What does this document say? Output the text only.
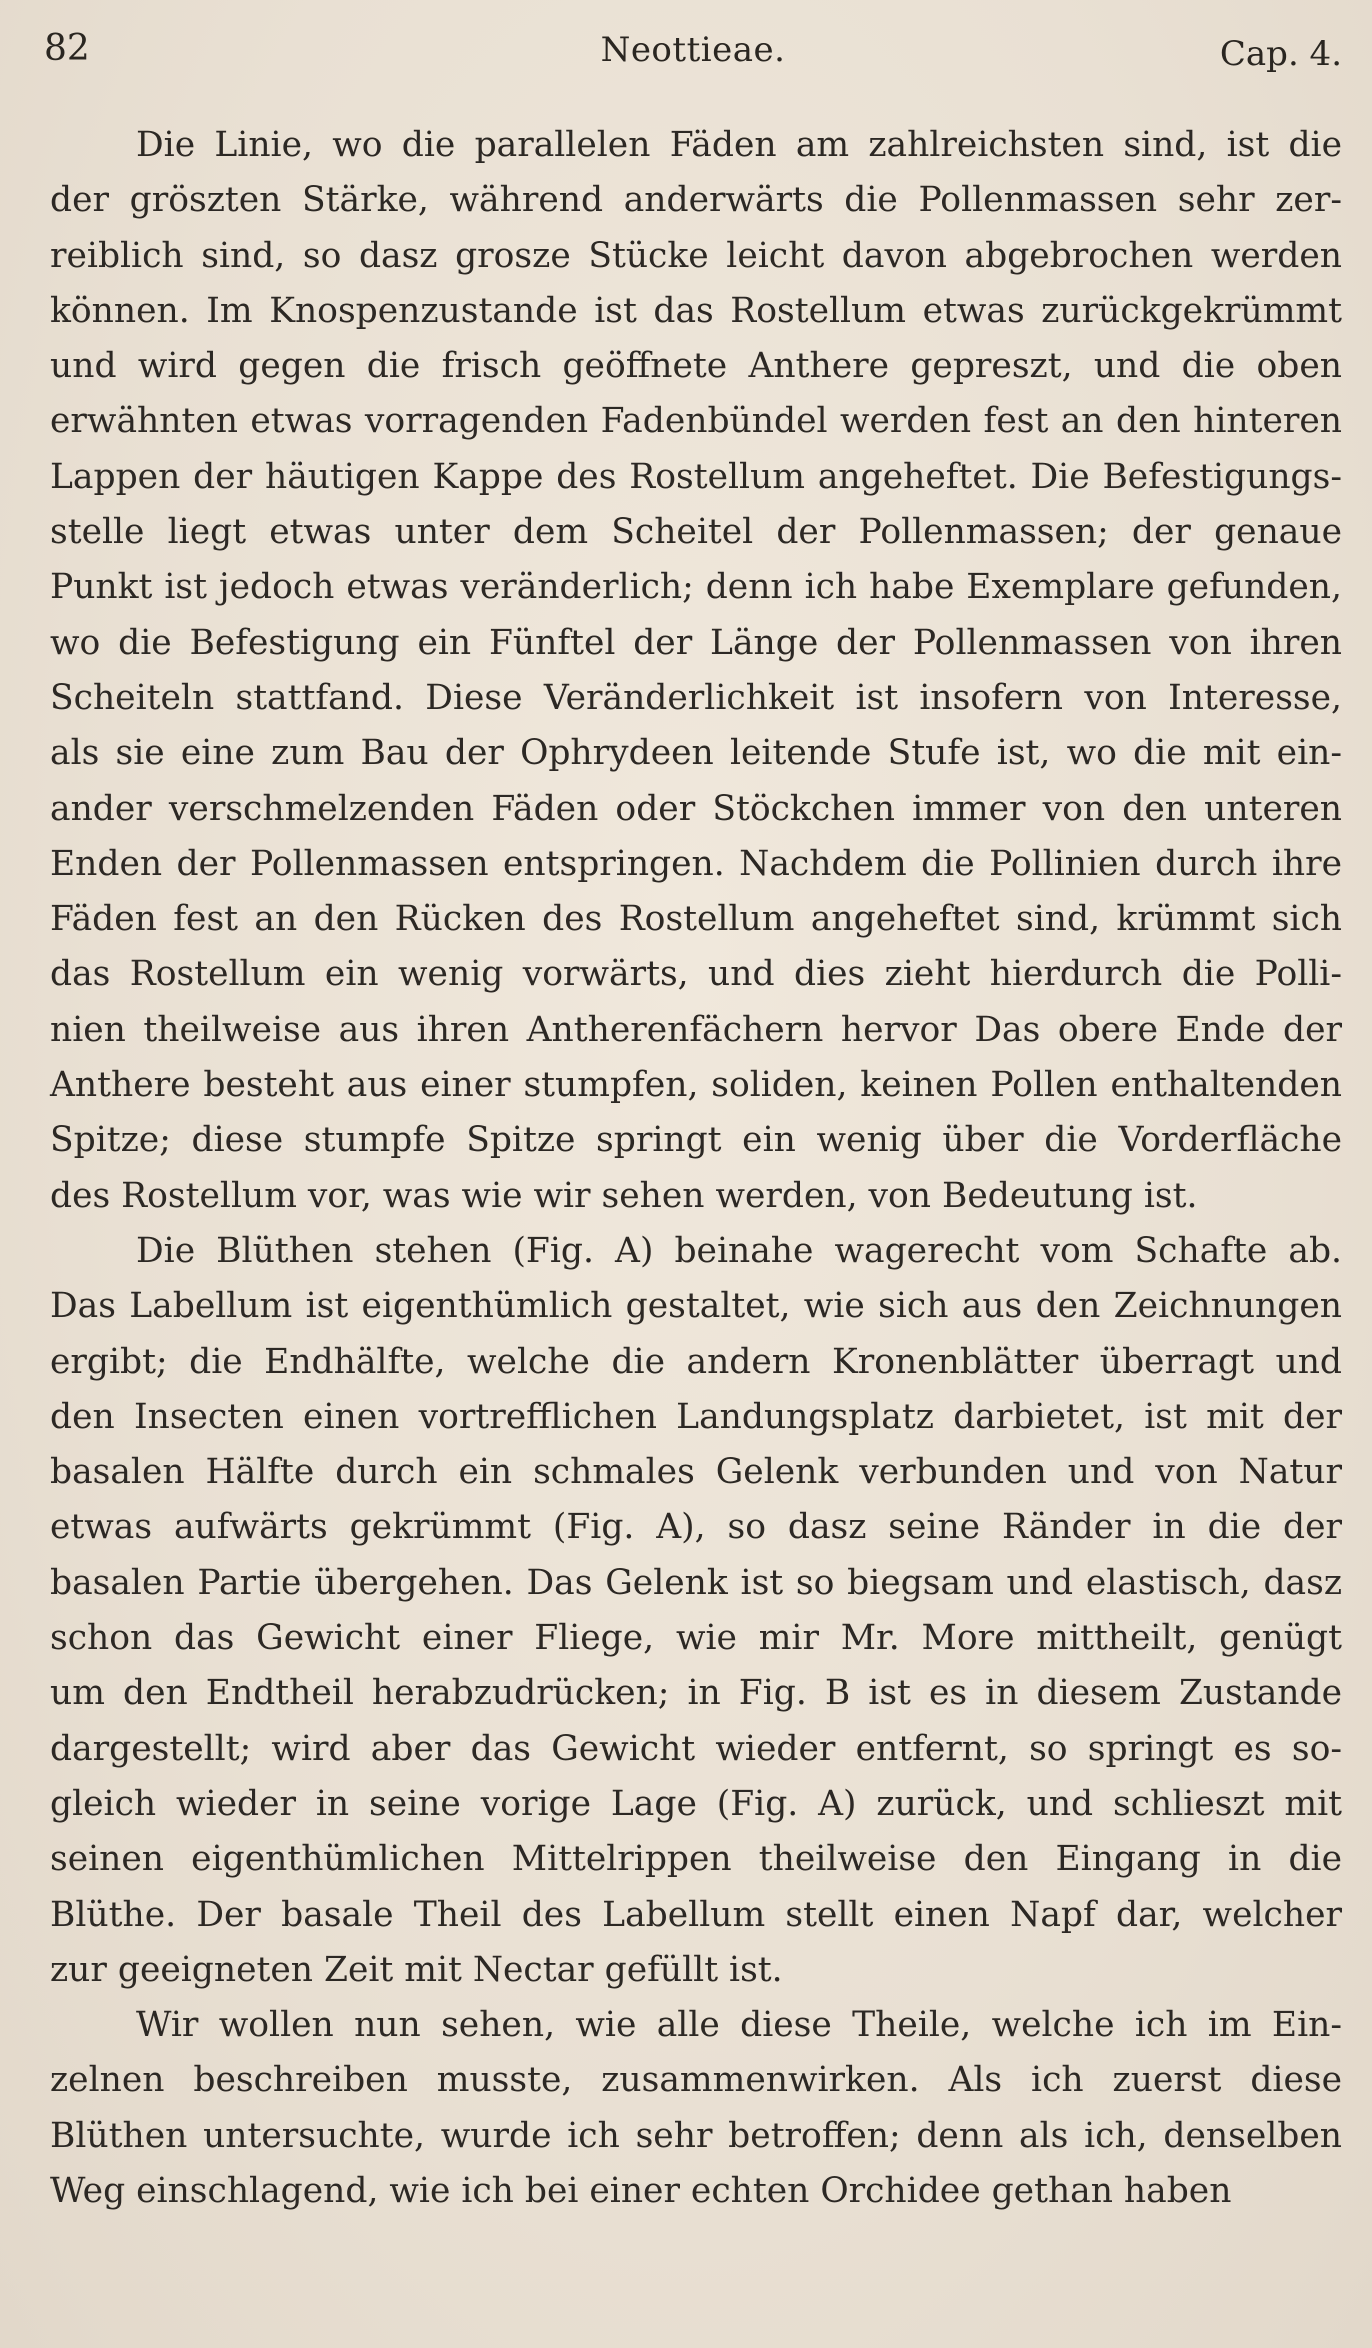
82	Neottieae.	Cap. 4.

Die Linie, wo die parallelen Fäden am zahlreichsten sind, ist die
der gröszten Stärke, während anderwärts die Pollenmassen sehr zer-
reiblich sind, so dasz grosze Stücke leicht davon abgebrochen werden
können. Im Knospenzustande ist das Rostellum etwas zurückgekrümmt
und wird gegen die frisch geöffnete Anthere gepreszt, und die oben
erwähnten etwas vorragenden Fadenbündel werden fest an den hinteren
Lappen der häutigen Kappe des Rostellum angeheftet. Die Befestigungs-
stelle liegt etwas unter dem Scheitel der Pollenmassen; der genaue
Punkt ist jedoch etwas veränderlich; denn ich habe Exemplare gefunden,
wo die Befestigung ein Fünftel der Länge der Pollenmassen von ihren
Scheiteln stattfand. Diese Veränderlichkeit ist insofern von Interesse,
als sie eine zum Bau der Ophrydeen leitende Stufe ist, wo die mit ein-
ander verschmelzenden Fäden oder Stöckchen immer von den unteren
Enden der Pollenmassen entspringen. Nachdem die Pollinien durch ihre
Fäden fest an den Rücken des Rostellum angeheftet sind, krümmt sich
das Rostellum ein wenig vorwärts, und dies zieht hierdurch die Polli-
nien theilweise aus ihren Antherenfächern hervor Das obere Ende der
Anthere besteht aus einer stumpfen, soliden, keinen Pollen enthaltenden
Spitze; diese stumpfe Spitze springt ein wenig über die Vorderfläche
des Rostellum vor, was wie wir sehen werden, von Bedeutung ist.

Die Blüthen stehen (Fig. A) beinahe wagerecht vom Schafte ab.
Das Labellum ist eigenthümlich gestaltet, wie sich aus den Zeichnungen
ergibt; die Endhälfte, welche die andern Kronenblätter überragt und
den Insecten einen vortrefflichen Landungsplatz darbietet, ist mit der
basalen Hälfte durch ein schmales Gelenk verbunden und von Natur
etwas aufwärts gekrümmt (Fig. A), so dasz seine Ränder in die der
basalen Partie übergehen. Das Gelenk ist so biegsam und elastisch, dasz
schon das Gewicht einer Fliege, wie mir Mr. More mittheilt, genügt
um den Endtheil herabzudrücken; in Fig. B ist es in diesem Zustande
dargestellt; wird aber das Gewicht wieder entfernt, so springt es so-
gleich wieder in seine vorige Lage (Fig. A) zurück, und schlieszt mit
seinen eigenthümlichen Mittelrippen theilweise den Eingang in die
Blüthe. Der basale Theil des Labellum stellt einen Napf dar, welcher
zur geeigneten Zeit mit Nectar gefüllt ist.

Wir wollen nun sehen, wie alle diese Theile, welche ich im Ein-
zelnen beschreiben musste, zusammenwirken. Als ich zuerst diese
Blüthen untersuchte, wurde ich sehr betroffen; denn als ich, denselben
Weg einschlagend, wie ich bei einer echten Orchidee gethan haben
